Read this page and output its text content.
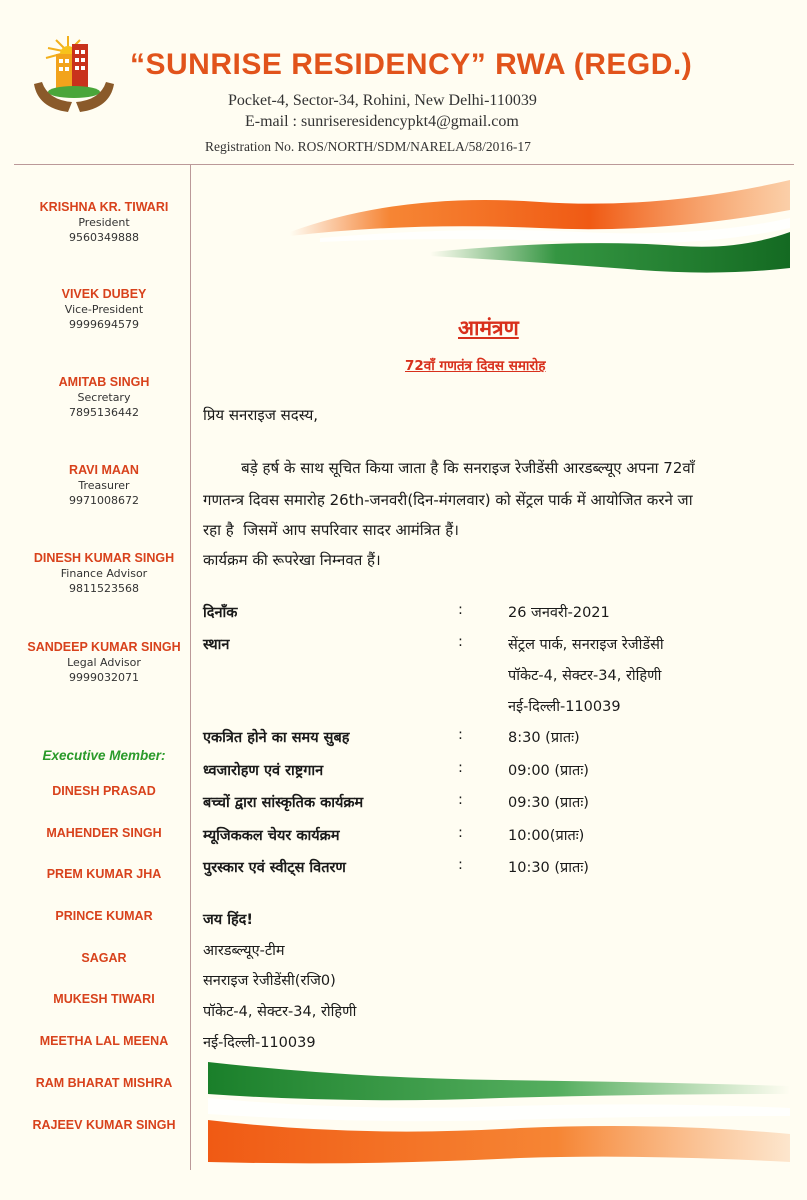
“SUNRISE RESIDENCY” RWA (REGD.)
Pocket-4, Sector-34, Rohini, New Delhi-110039
E-mail : sunriseresidencypkt4@gmail.com
Registration No. ROS/NORTH/SDM/NARELA/58/2016-17
KRISHNA KR. TIWARI
President
9560349888
VIVEK DUBEY
Vice-President
9999694579
AMITAB SINGH
Secretary
7895136442
RAVI MAAN
Treasurer
9971008672
DINESH KUMAR SINGH
Finance Advisor
9811523568
SANDEEP KUMAR SINGH
Legal Advisor
9999032071
Executive Member:
DINESH PRASAD
MAHENDER SINGH
PREM KUMAR JHA
PRINCE KUMAR
SAGAR
MUKESH TIWARI
MEETHA LAL MEENA
RAM BHARAT MISHRA
RAJEEV KUMAR SINGH
आमंत्रण
72वाँ गणतंत्र दिवस समारोह
प्रिय सनराइज सदस्य,
बड़े हर्ष के साथ सूचित किया जाता है कि सनराइज रेजीडेंसी आरडब्ल्यूए अपना 72वाँ
गणतन्त्र दिवस समारोह 26th-जनवरी(दिन-मंगलवार) को सेंट्रल पार्क में आयोजित करने जा
रहा है  जिसमें आप सपरिवार सादर आमंत्रित हैं।
कार्यक्रम की रूपरेखा निम्नवत हैं।
दिनाँक	:	26 जनवरी-2021
स्थान	:	सेंट्रल पार्क, सनराइज रेजीडेंसी
पॉकेट-4, सेक्टर-34, रोहिणी
नई-दिल्ली-110039
एकत्रित होने का समय सुबह	:	8:30 (प्रातः)
ध्वजारोहण एवं राष्ट्रगान	:	09:00 (प्रातः)
बच्चों द्वारा सांस्कृतिक कार्यक्रम	:	09:30 (प्रातः)
म्यूजिककल चेयर कार्यक्रम	:	10:00(प्रातः)
पुरस्कार एवं स्वीट्स वितरण	:	10:30 (प्रातः)
जय हिंद!
आरडब्ल्यूए-टीम
सनराइज रेजीडेंसी(रजि0)
पॉकेट-4, सेक्टर-34, रोहिणी
नई-दिल्ली-110039
